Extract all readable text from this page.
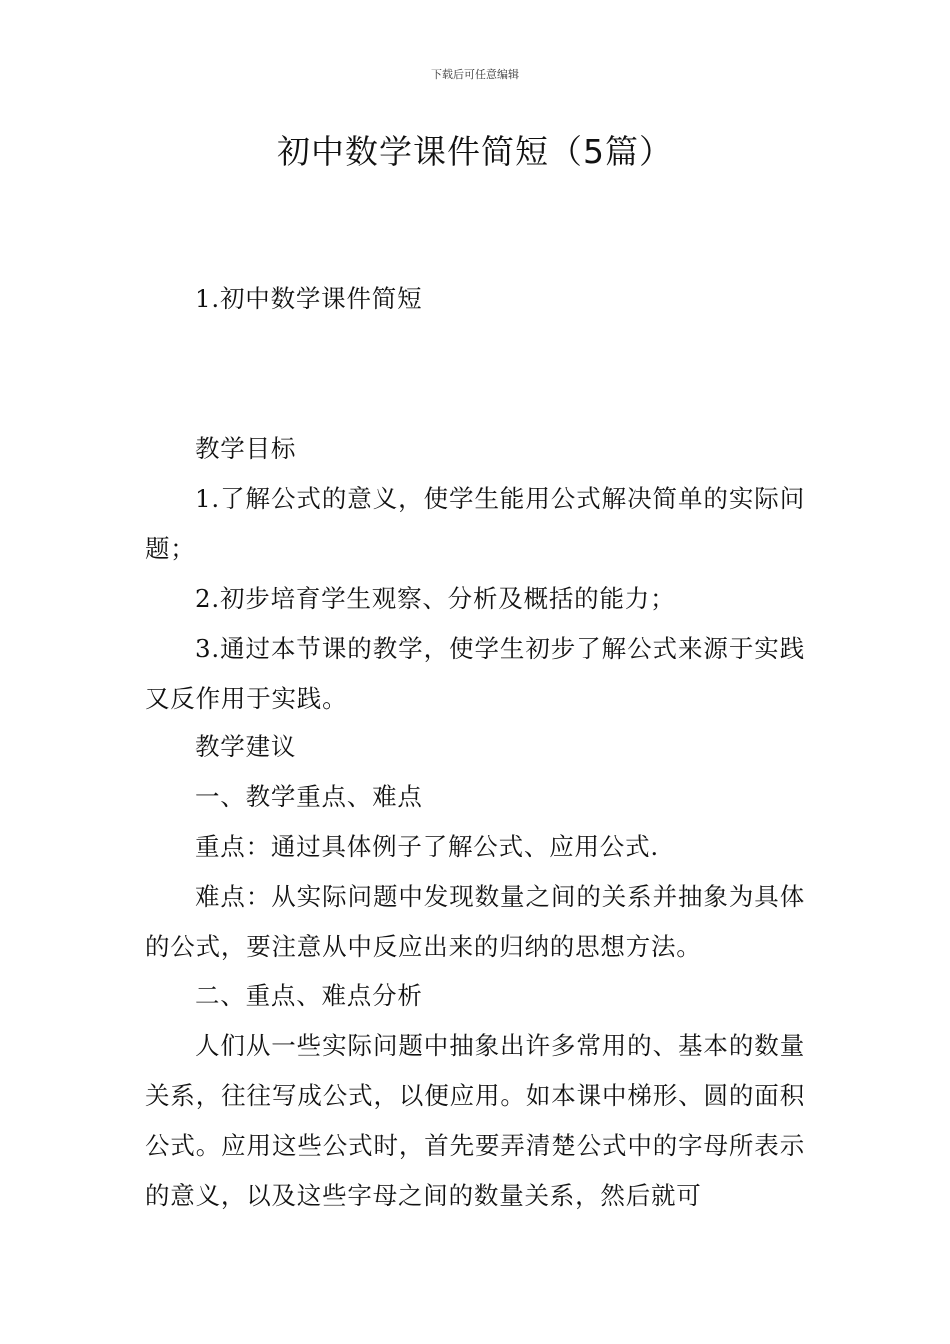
下载后可任意编辑
初中数学课件简短（5篇）
1.初中数学课件简短
教学目标
1.了解公式的意义，使学生能用公式解决简单的实际问题；
2.初步培育学生观察、分析及概括的能力；
3.通过本节课的教学，使学生初步了解公式来源于实践又反作用于实践。
教学建议
一、教学重点、难点
重点：通过具体例子了解公式、应用公式.
难点：从实际问题中发现数量之间的关系并抽象为具体的公式，要注意从中反应出来的归纳的思想方法。
二、重点、难点分析
人们从一些实际问题中抽象出许多常用的、基本的数量关系，往往写成公式，以便应用。如本课中梯形、圆的面积公式。应用这些公式时，首先要弄清楚公式中的字母所表示的意义，以及这些字母之间的数量关系，然后就可
